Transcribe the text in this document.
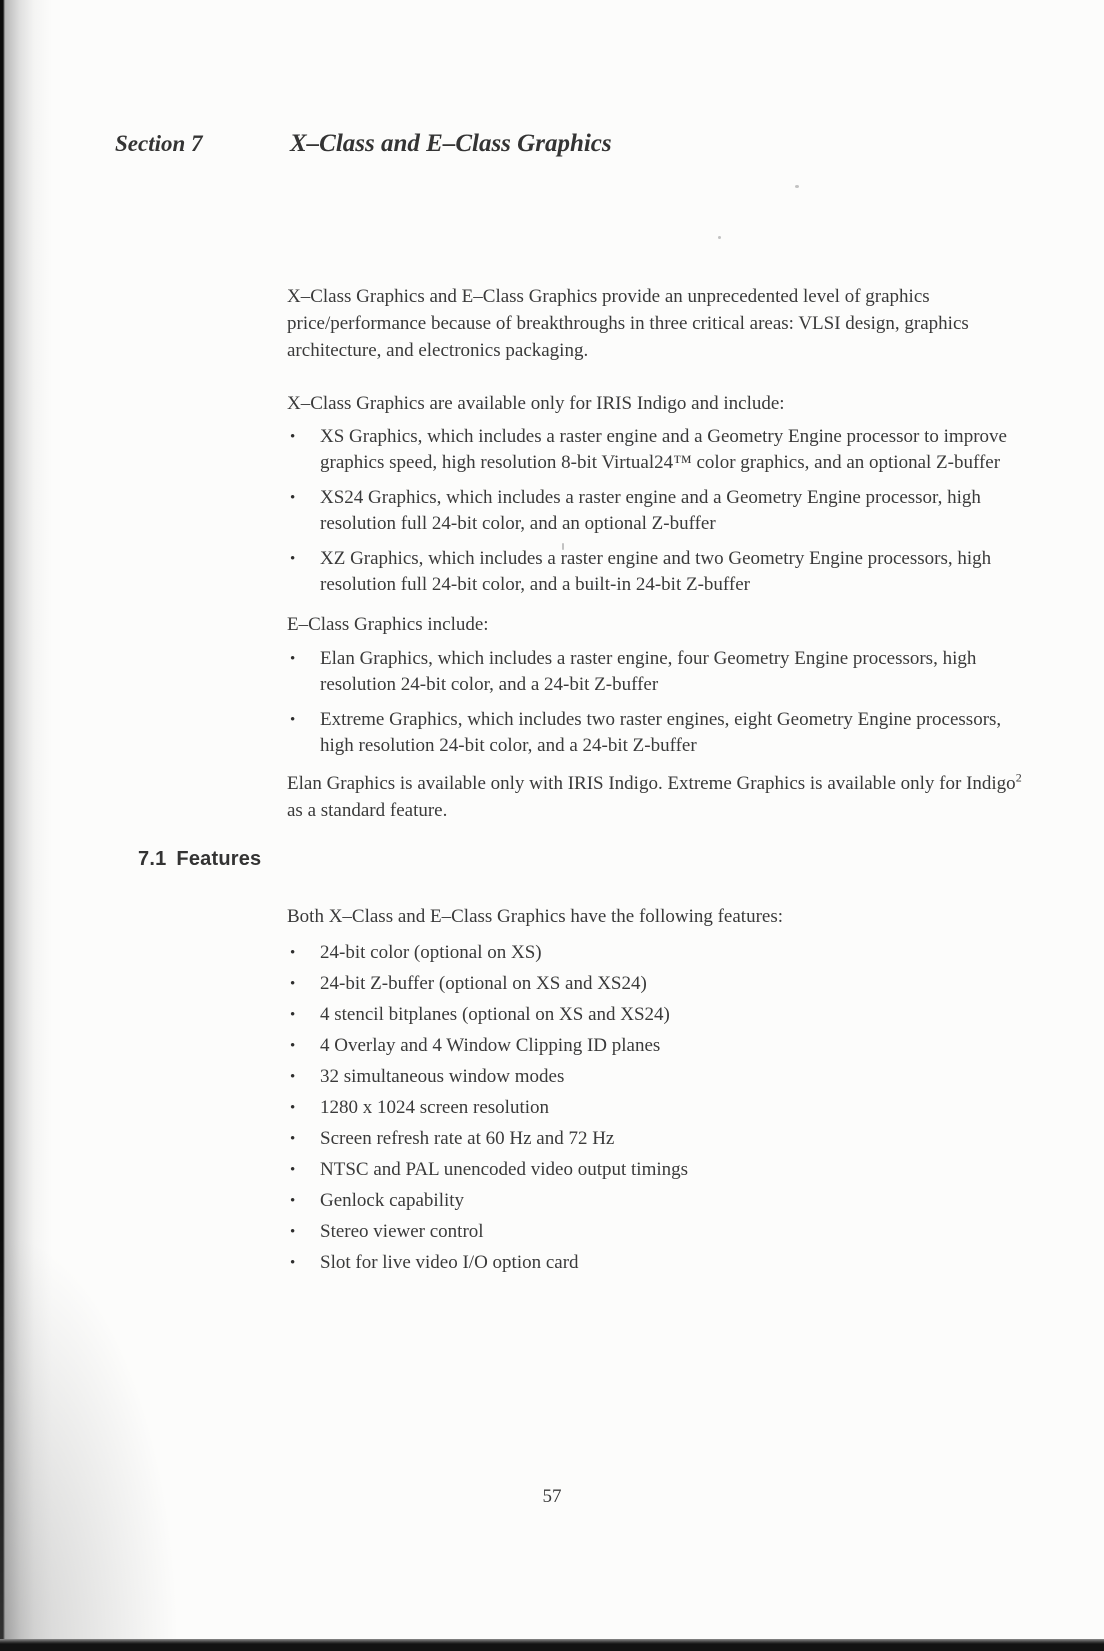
Section 7	X–Class and E–Class Graphics

X–Class Graphics and E–Class Graphics provide an unprecedented level of graphics price/performance because of breakthroughs in three critical areas: VLSI design, graphics architecture, and electronics packaging.

X–Class Graphics are available only for IRIS Indigo and include:

• XS Graphics, which includes a raster engine and a Geometry Engine processor to improve graphics speed, high resolution 8-bit Virtual24™ color graphics, and an optional Z-buffer
• XS24 Graphics, which includes a raster engine and a Geometry Engine processor, high resolution full 24-bit color, and an optional Z-buffer
• XZ Graphics, which includes a raster engine and two Geometry Engine processors, high resolution full 24-bit color, and a built-in 24-bit Z-buffer

E–Class Graphics include:

• Elan Graphics, which includes a raster engine, four Geometry Engine processors, high resolution 24-bit color, and a 24-bit Z-buffer
• Extreme Graphics, which includes two raster engines, eight Geometry Engine processors, high resolution 24-bit color, and a 24-bit Z-buffer

Elan Graphics is available only with IRIS Indigo. Extreme Graphics is available only for Indigo$^2$ as a standard feature.

7.1 Features

Both X–Class and E–Class Graphics have the following features:

• 24-bit color (optional on XS)
• 24-bit Z-buffer (optional on XS and XS24)
• 4 stencil bitplanes (optional on XS and XS24)
• 4 Overlay and 4 Window Clipping ID planes
• 32 simultaneous window modes
• 1280 x 1024 screen resolution
• Screen refresh rate at 60 Hz and 72 Hz
• NTSC and PAL unencoded video output timings
• Genlock capability
• Stereo viewer control
• Slot for live video I/O option card
57
